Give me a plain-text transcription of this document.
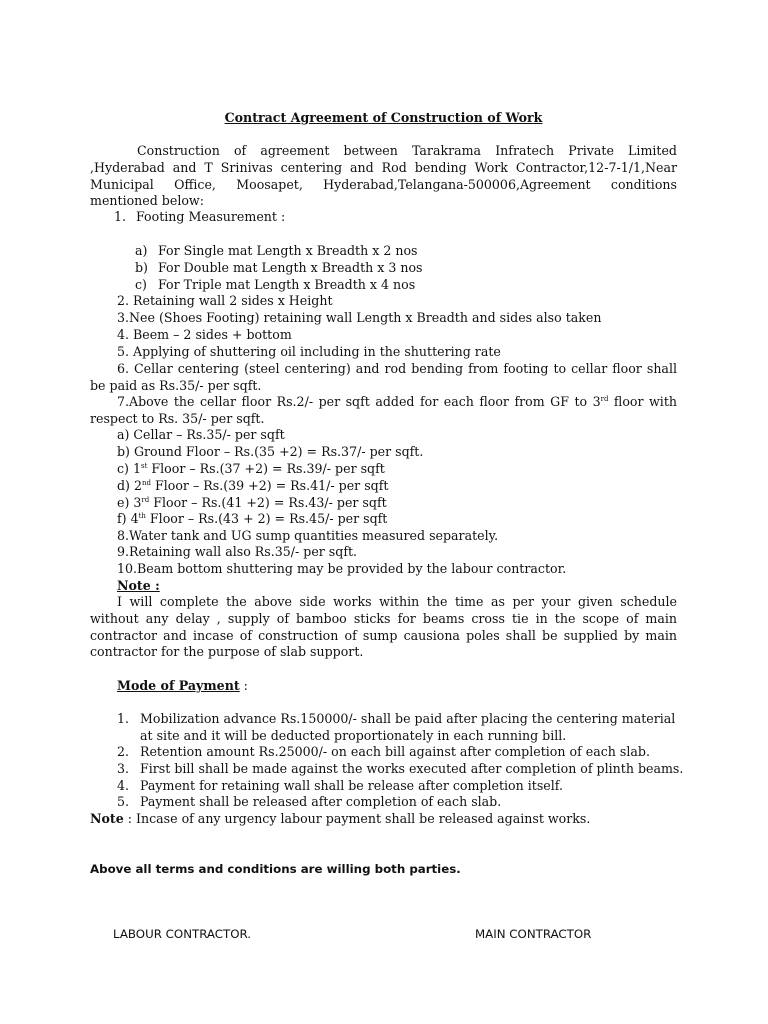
Contract Agreement of Construction of Work
Construction of agreement between Tarakrama Infratech Private Limited ,Hyderabad and T Srinivas centering and Rod bending Work Contractor,12-7-1/1,Near Municipal Office, Moosapet, Hyderabad,Telangana-500006,Agreement conditions mentioned below:
1. Footing Measurement :
a) For Single mat Length x Breadth x 2 nos
b) For Double mat Length x Breadth x 3 nos
c) For Triple mat Length x Breadth x 4 nos
2. Retaining wall 2 sides x Height
3.Nee (Shoes Footing) retaining wall Length x Breadth and sides also taken
4. Beem – 2 sides + bottom
5. Applying of shuttering oil including in the shuttering rate
6. Cellar centering (steel centering) and rod bending from footing to cellar floor shall be paid as Rs.35/- per sqft.
7.Above the cellar floor Rs.2/- per sqft added for each floor from GF to 3rd floor with respect to Rs. 35/- per sqft.
a) Cellar – Rs.35/- per sqft
b) Ground Floor – Rs.(35 +2) = Rs.37/- per sqft.
c) 1st Floor – Rs.(37 +2) = Rs.39/- per sqft
d) 2nd Floor – Rs.(39 +2) = Rs.41/- per sqft
e) 3rd Floor – Rs.(41 +2) = Rs.43/- per sqft
f) 4th Floor – Rs.(43 + 2) = Rs.45/- per sqft
8.Water tank and UG sump quantities measured separately.
9.Retaining wall also Rs.35/- per sqft.
10.Beam bottom shuttering may be provided by the labour contractor.
Note :
I will complete the above side works within the time as per your given schedule without any delay , supply of bamboo sticks for beams cross tie in the scope of main contractor and incase of construction of sump causiona poles shall be supplied by main contractor for the purpose of slab support.
Mode of Payment :
1. Mobilization advance Rs.150000/- shall be paid after placing the centering material at site and it will be deducted proportionately in each running bill.
2. Retention amount Rs.25000/- on each bill against after completion of each slab.
3. First bill shall be made against the works executed after completion of plinth beams.
4. Payment for retaining wall shall be release after completion itself.
5. Payment shall be released after completion of each slab.
Note : Incase of any urgency labour payment shall be released against works.
Above all terms and conditions are willing both parties.
LABOUR CONTRACTOR.	MAIN CONTRACTOR
